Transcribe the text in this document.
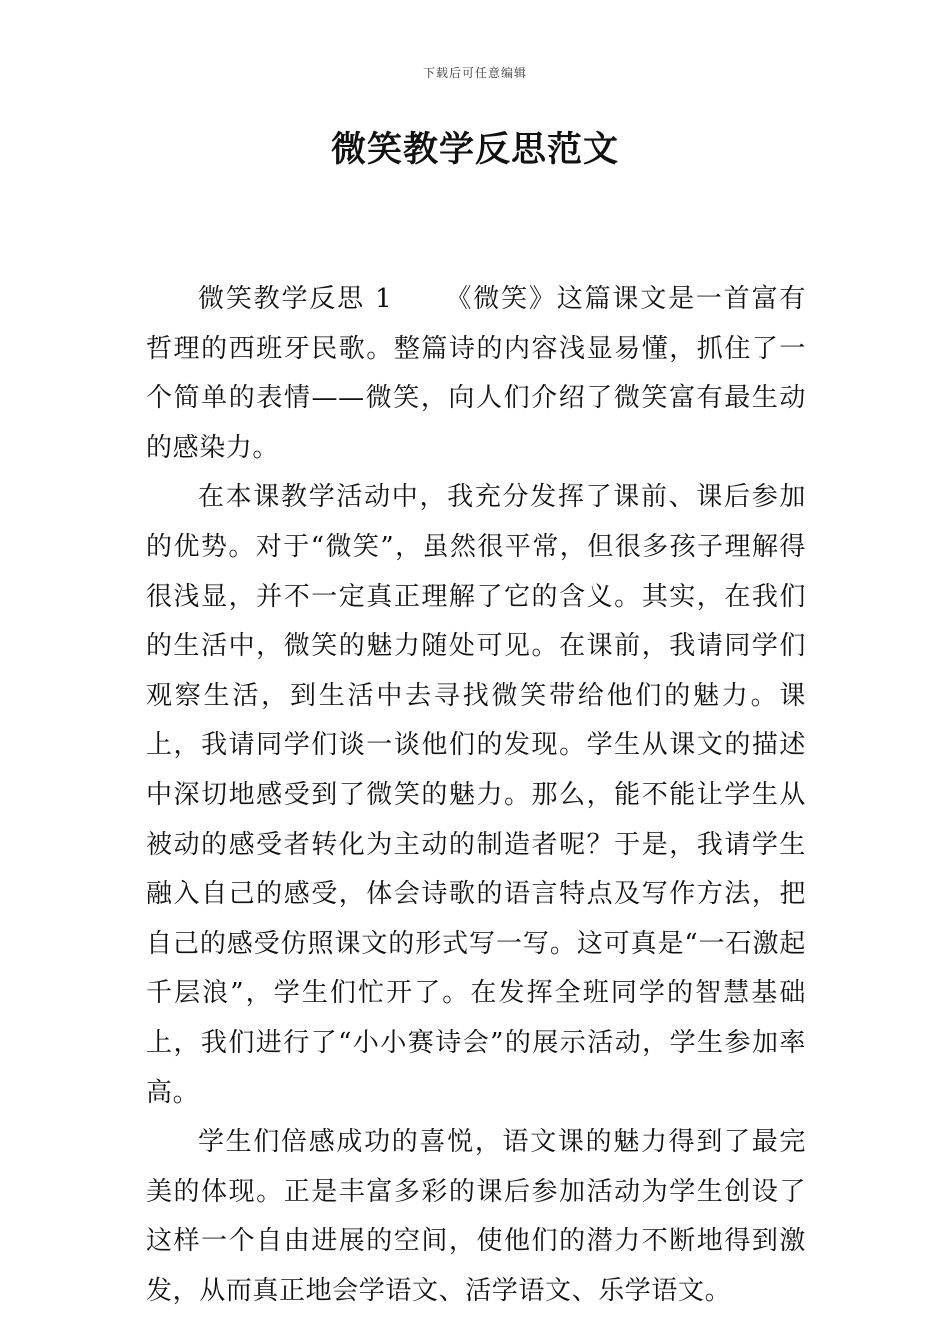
下载后可任意编辑
微笑教学反思范文

微笑教学反思 1 《微笑》这篇课文是一首富有哲理的西班牙民歌。整篇诗的内容浅显易懂，抓住了一个简单的表情——微笑，向人们介绍了微笑富有最生动的感染力。

在本课教学活动中，我充分发挥了课前、课后参加的优势。对于“微笑”，虽然很平常，但很多孩子理解得很浅显，并不一定真正理解了它的含义。其实，在我们的生活中，微笑的魅力随处可见。在课前，我请同学们观察生活，到生活中去寻找微笑带给他们的魅力。课上，我请同学们谈一谈他们的发现。学生从课文的描述中深切地感受到了微笑的魅力。那么，能不能让学生从被动的感受者转化为主动的制造者呢？于是，我请学生融入自己的感受，体会诗歌的语言特点及写作方法，把自己的感受仿照课文的形式写一写。这可真是“一石激起千层浪”，学生们忙开了。在发挥全班同学的智慧基础上，我们进行了“小小赛诗会”的展示活动，学生参加率高。

学生们倍感成功的喜悦，语文课的魅力得到了最完美的体现。正是丰富多彩的课后参加活动为学生创设了这样一个自由进展的空间，使他们的潜力不断地得到激发，从而真正地会学语文、活学语文、乐学语文。
